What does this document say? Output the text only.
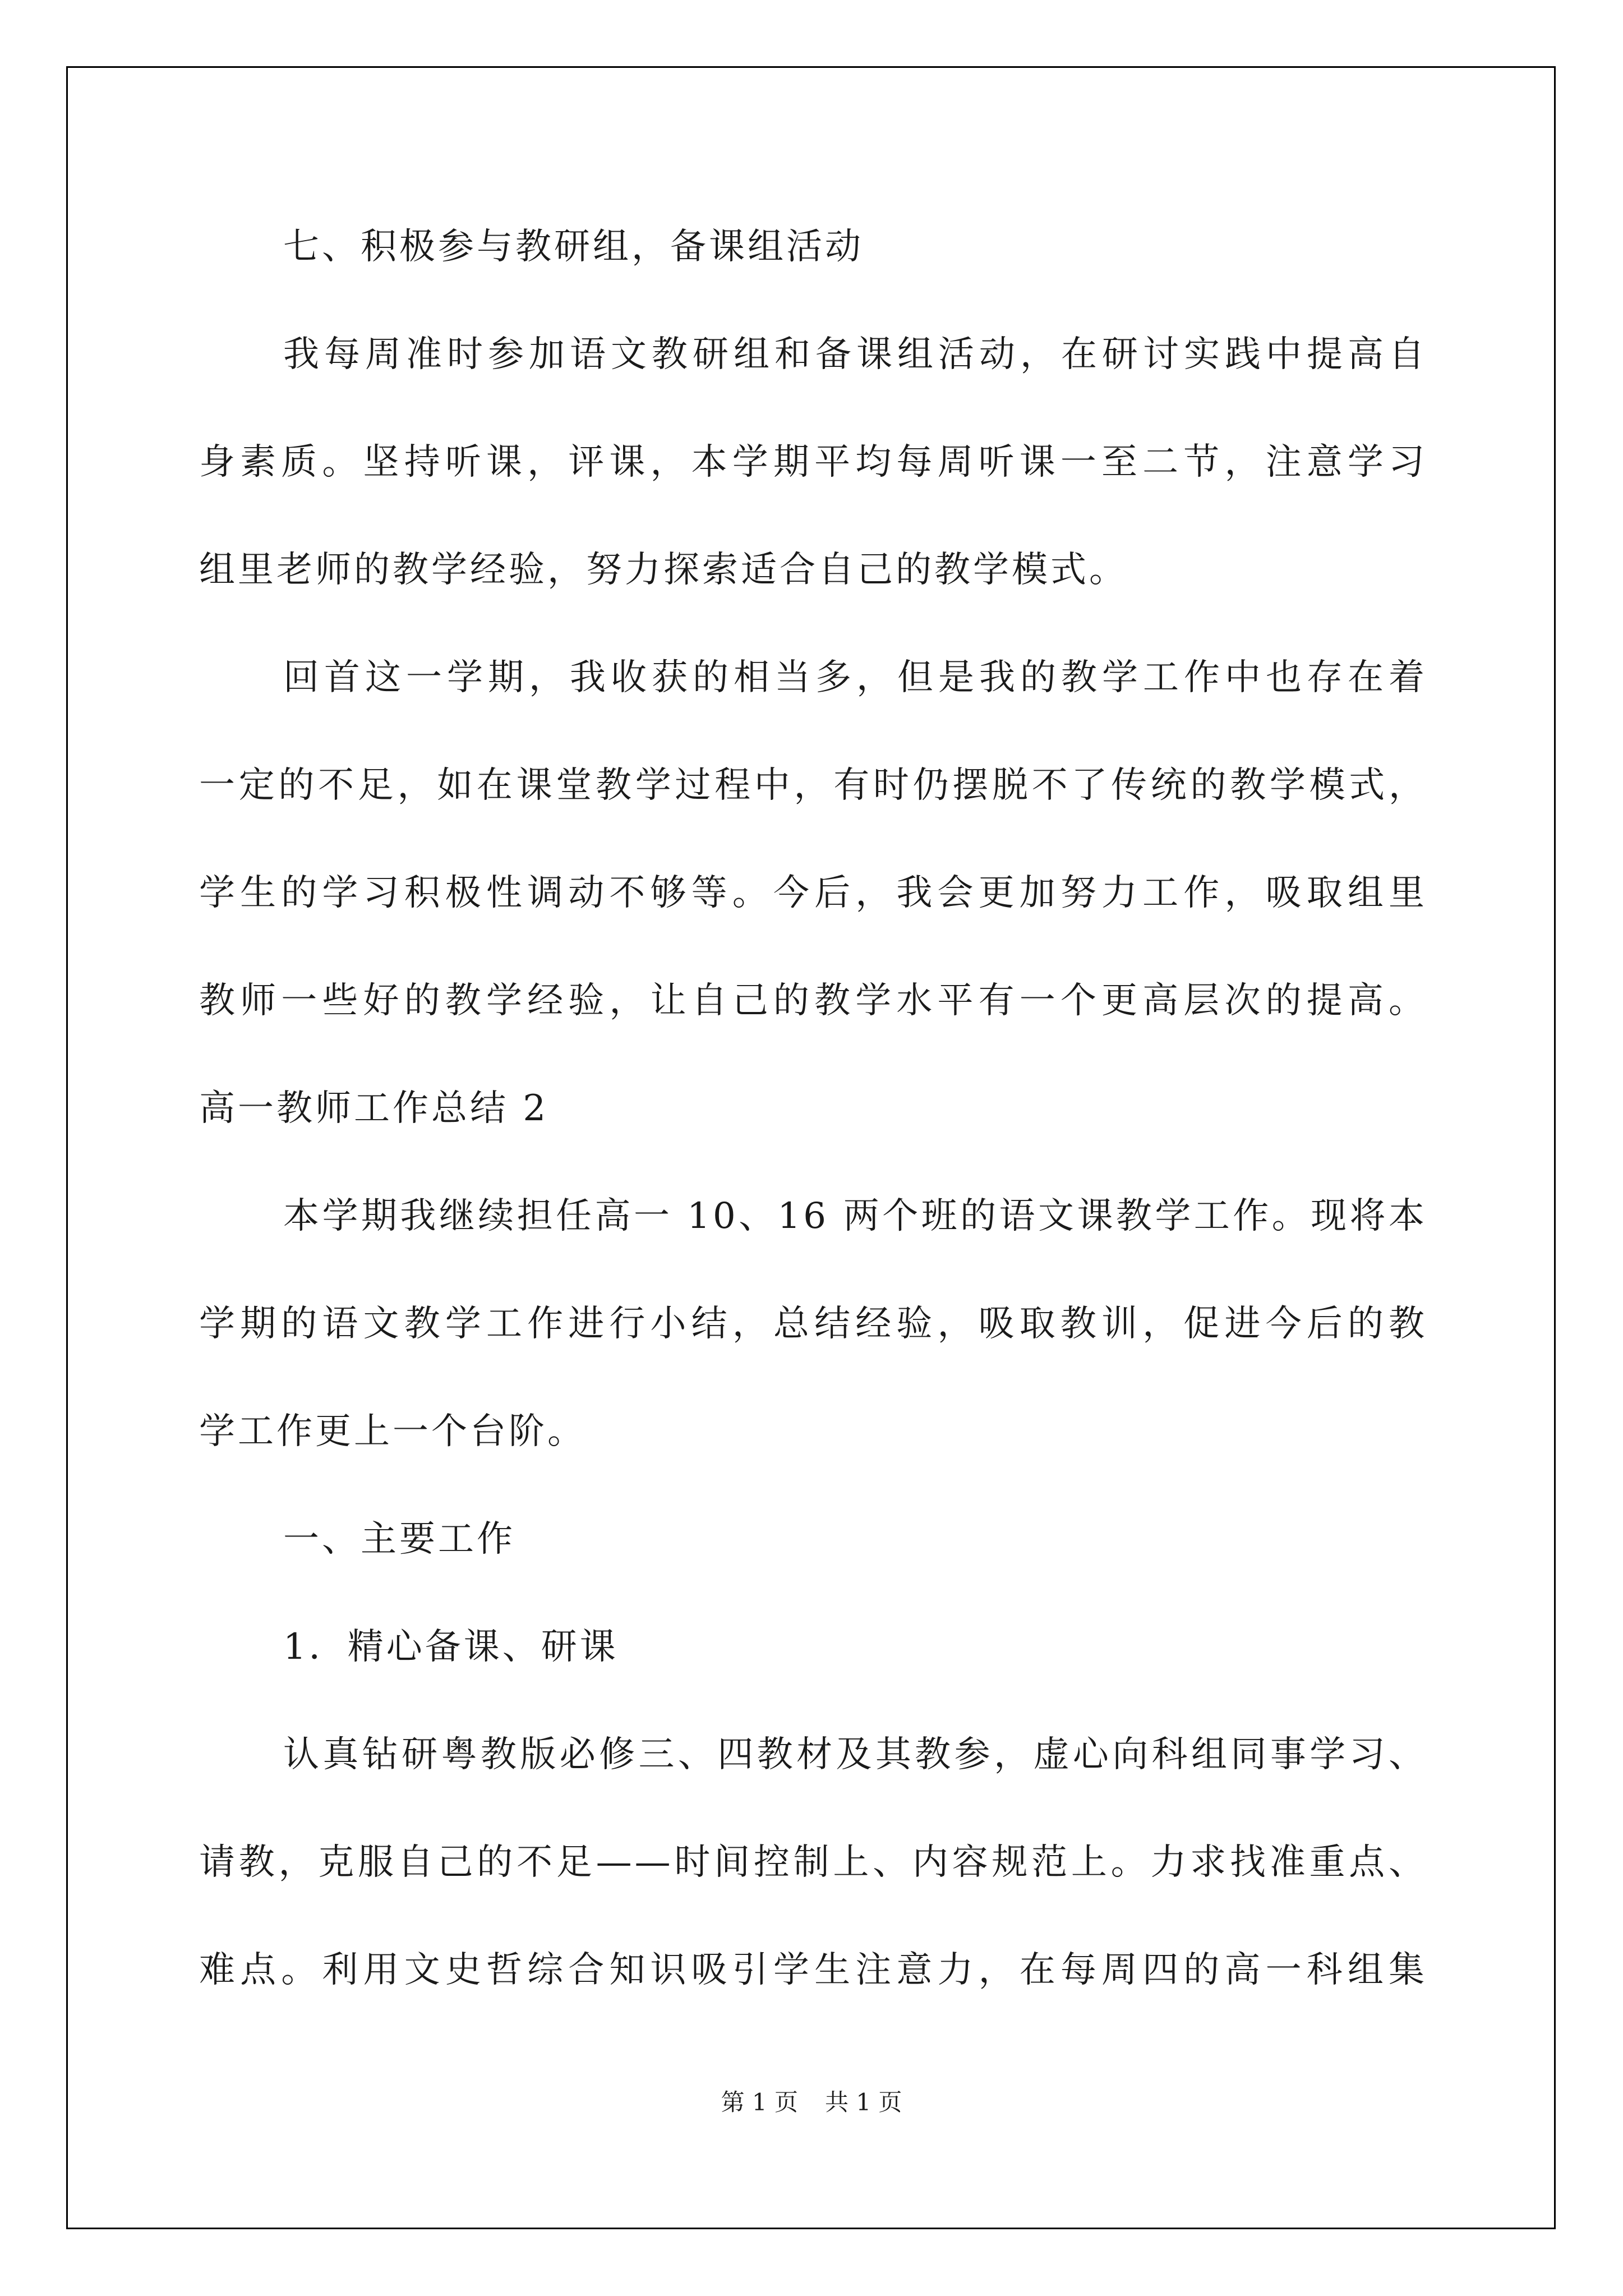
七、积极参与教研组，备课组活动
我每周准时参加语文教研组和备课组活动，在研讨实践中提高自
身素质。坚持听课，评课，本学期平均每周听课一至二节，注意学习
组里老师的教学经验，努力探索适合自己的教学模式。
回首这一学期，我收获的相当多，但是我的教学工作中也存在着
一定的不足，如在课堂教学过程中，有时仍摆脱不了传统的教学模式，
学生的学习积极性调动不够等。今后，我会更加努力工作，吸取组里
教师一些好的教学经验，让自己的教学水平有一个更高层次的提高。
高一教师工作总结 2
本学期我继续担任高一 10、16 两个班的语文课教学工作。现将本
学期的语文教学工作进行小结，总结经验，吸取教训，促进今后的教
学工作更上一个台阶。
一、主要工作
1．精心备课、研课
认真钻研粤教版必修三、四教材及其教参，虚心向科组同事学习、
请教，克服自己的不足——时间控制上、内容规范上。力求找准重点、
难点。利用文史哲综合知识吸引学生注意力，在每周四的高一科组集
第 1 页 共 1 页
